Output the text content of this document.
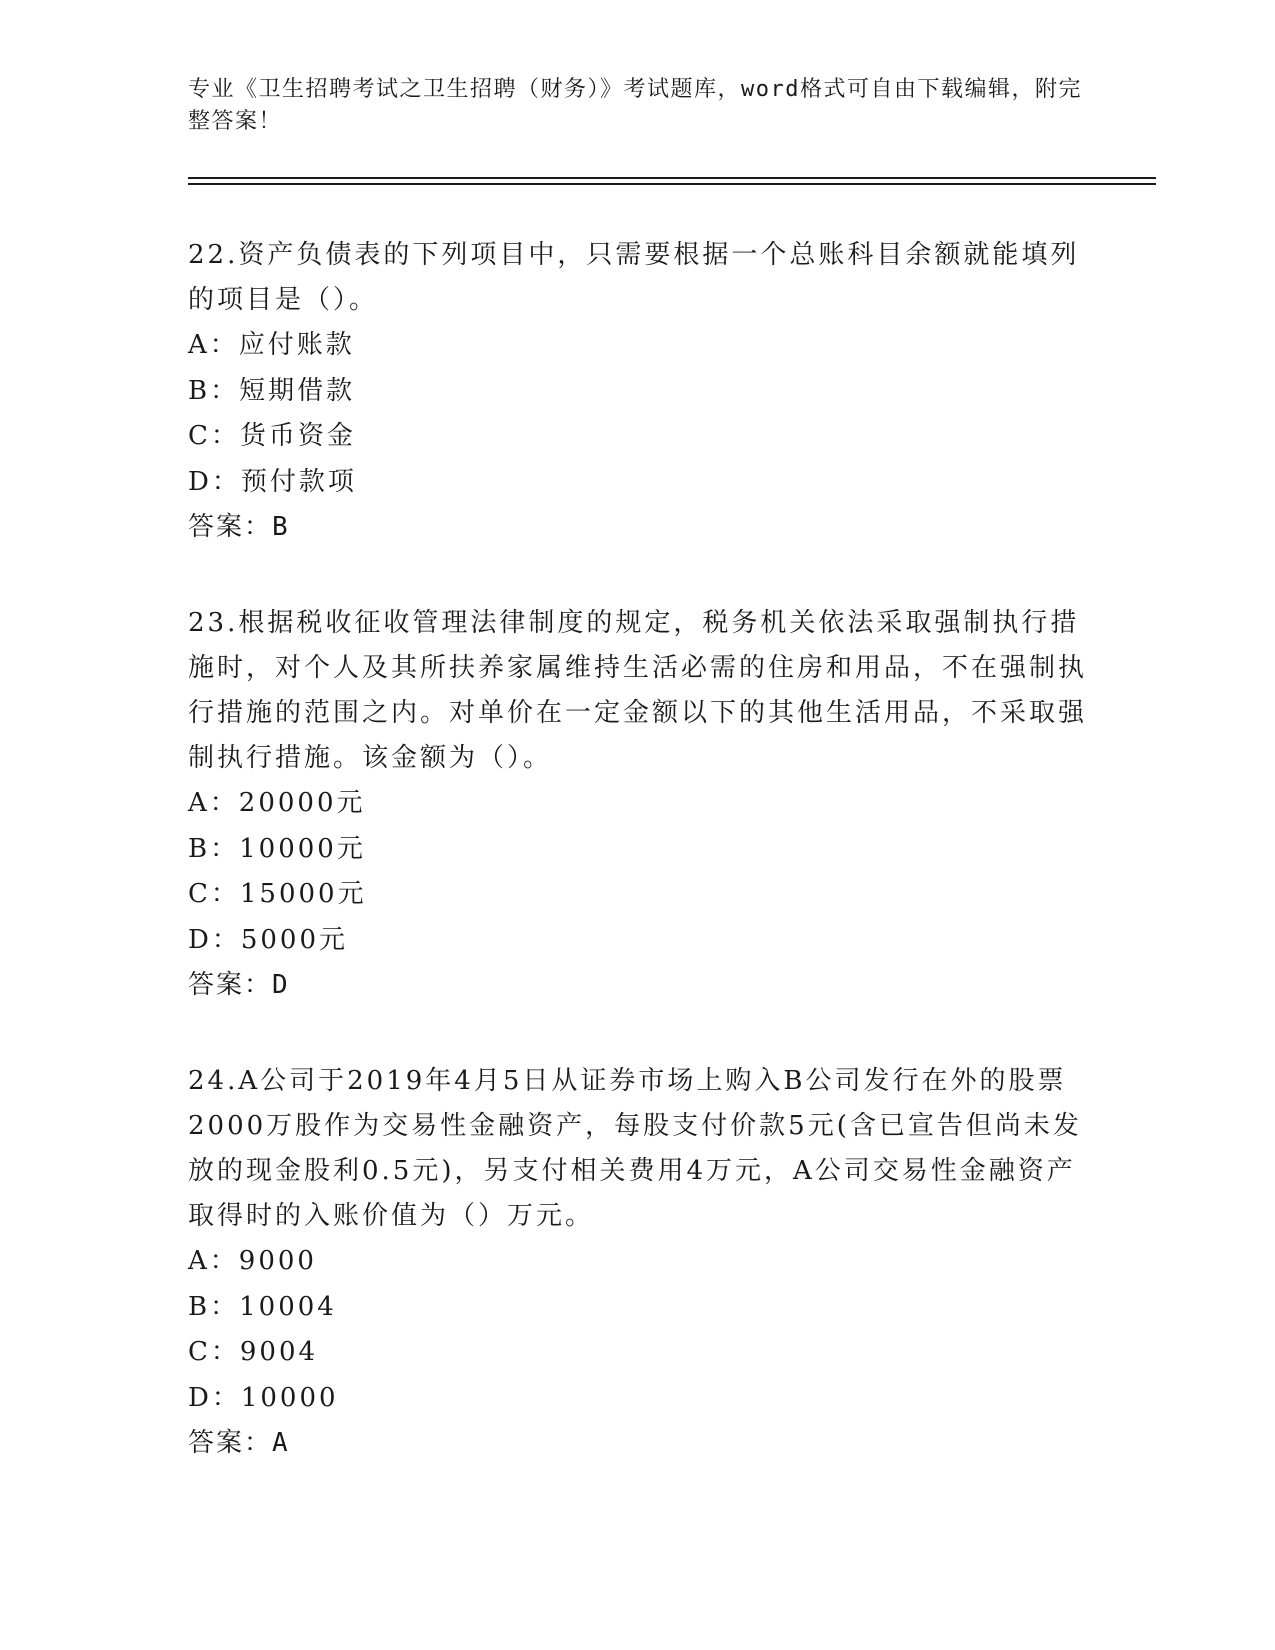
专业《卫生招聘考试之卫生招聘（财务）》考试题库，word格式可自由下载编辑，附完整答案！

22.资产负债表的下列项目中，只需要根据一个总账科目余额就能填列的项目是（）。

A：应付账款

B：短期借款

C：货币资金

D：预付款项

答案：B

23.根据税收征收管理法律制度的规定，税务机关依法采取强制执行措施时，对个人及其所扶养家属维持生活必需的住房和用品，不在强制执行措施的范围之内。对单价在一定金额以下的其他生活用品，不采取强制执行措施。该金额为（）。

A：20000元

B：10000元

C：15000元

D：5000元

答案：D

24.A公司于2019年4月5日从证券市场上购入B公司发行在外的股票2000万股作为交易性金融资产，每股支付价款5元(含已宣告但尚未发放的现金股利0.5元)，另支付相关费用4万元，A公司交易性金融资产取得时的入账价值为（）万元。

A：9000

B：10004

C：9004

D：10000

答案：A
